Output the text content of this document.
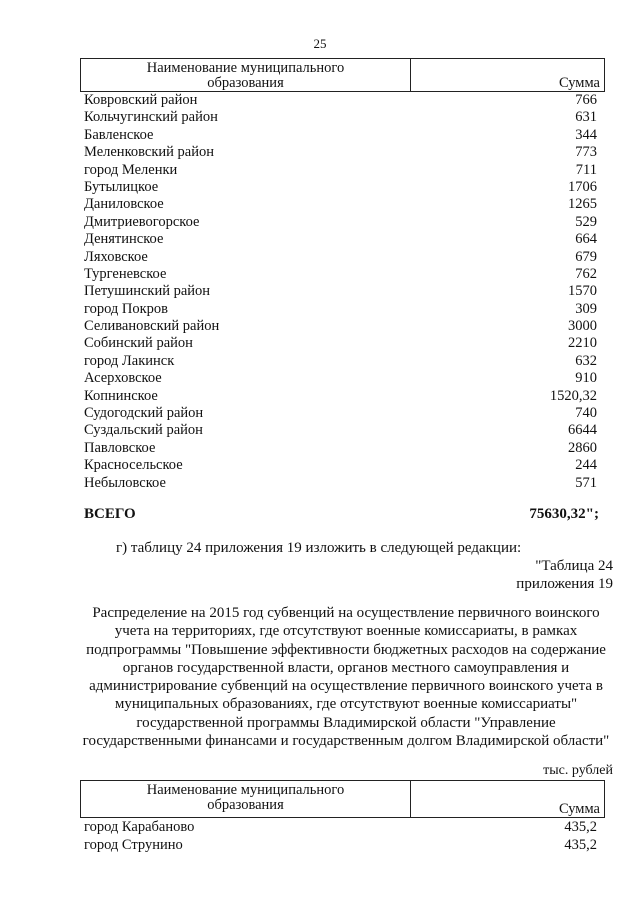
25
Наименование муниципального
образования	Сумма
Ковровский район	766
Кольчугинский район	631
Бавленское	344
Меленковский район	773
город Меленки	711
Бутылицкое	1706
Даниловское	1265
Дмитриевогорское	529
Денятинское	664
Ляховское	679
Тургеневское	762
Петушинский район	1570
город Покров	309
Селивановский район	3000
Собинский район	2210
город Лакинск	632
Асерховское	910
Копнинское	1520,32
Судогодский район	740
Суздальский район	6644
Павловское	2860
Красносельское	244
Небыловское	571
ВСЕГО	75630,32";
г) таблицу 24 приложения 19 изложить в следующей редакции:
"Таблица 24
приложения 19
Распределение на 2015 год субвенций на осуществление первичного воинского
учета на территориях, где отсутствуют военные комиссариаты, в рамках
подпрограммы "Повышение эффективности бюджетных расходов на содержание
органов государственной власти, органов местного самоуправления и
администрирование субвенций на осуществление первичного воинского учета в
муниципальных образованиях, где отсутствуют военные комиссариаты"
государственной программы Владимирской области "Управление
государственными финансами и государственным долгом Владимирской области"
тыс. рублей
Наименование муниципального
образования	Сумма
город Карабаново	435,2
город Струнино	435,2
